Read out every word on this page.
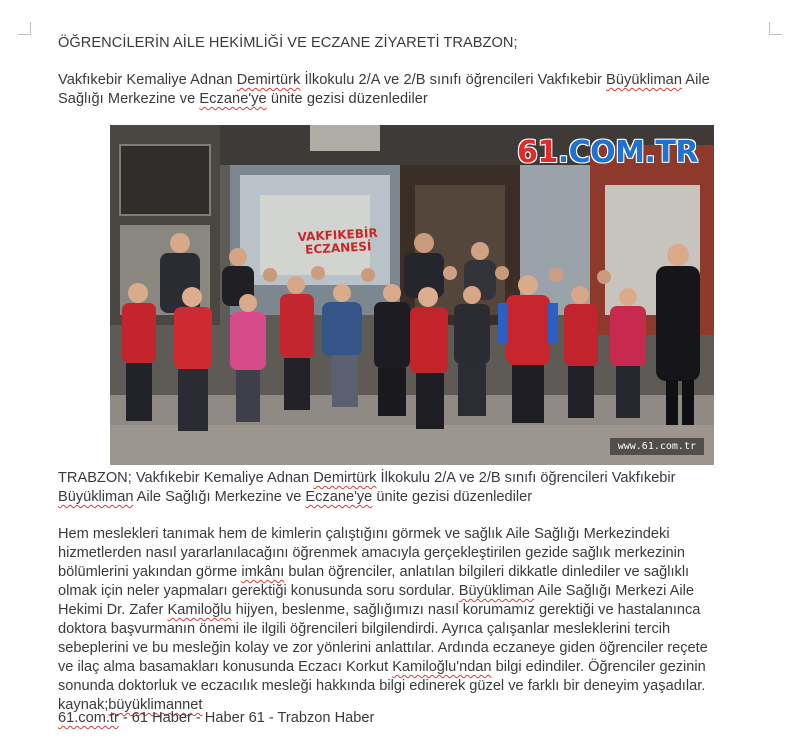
ÖĞRENCİLERİN AİLE HEKİMLİĞİ VE ECZANE ZİYARETİ TRABZON;

Vakfıkebir Kemaliye Adnan Demirtürk İlkokulu 2/A ve 2/B sınıfı öğrencileri Vakfıkebir Büyükliman Aile
Sağlığı Merkezine ve Eczane'ye ünite gezisi düzenlediler

VAKFIKEBİR
ECZANESİ
61.COM.TR
www.61.com.tr

TRABZON; Vakfıkebir Kemaliye Adnan Demirtürk İlkokulu 2/A ve 2/B sınıfı öğrencileri Vakfıkebir
Büyükliman Aile Sağlığı Merkezine ve Eczane'ye ünite gezisi düzenlediler

Hem meslekleri tanımak hem de kimlerin çalıştığını görmek ve sağlık Aile Sağlığı Merkezindeki
hizmetlerden nasıl yararlanılacağını öğrenmek amacıyla gerçekleştirilen gezide sağlık merkezinin
bölümlerini yakından görme imkânı bulan öğrenciler, anlatılan bilgileri dikkatle dinlediler ve sağlıklı
olmak için neler yapmaları gerektiği konusunda soru sordular. Büyükliman Aile Sağlığı Merkezi Aile
Hekimi Dr. Zafer Kamiloğlu hijyen, beslenme, sağlığımızı nasıl korumamız gerektiği ve hastalanınca
doktora başvurmanın önemi ile ilgili öğrencileri bilgilendirdi. Ayrıca çalışanlar mesleklerini tercih
sebeplerini ve bu mesleğin kolay ve zor yönlerini anlattılar. Ardında eczaneye giden öğrenciler reçete
ve ilaç alma basamakları konusunda Eczacı Korkut Kamiloğlu'ndan bilgi edindiler. Öğrenciler gezinin
sonunda doktorluk ve eczacılık mesleği hakkında bilgi edinerek güzel ve farklı bir deneyim yaşadılar.
kaynak;büyüklimannet

61.com.tr - 61 Haber - Haber 61 - Trabzon Haber
